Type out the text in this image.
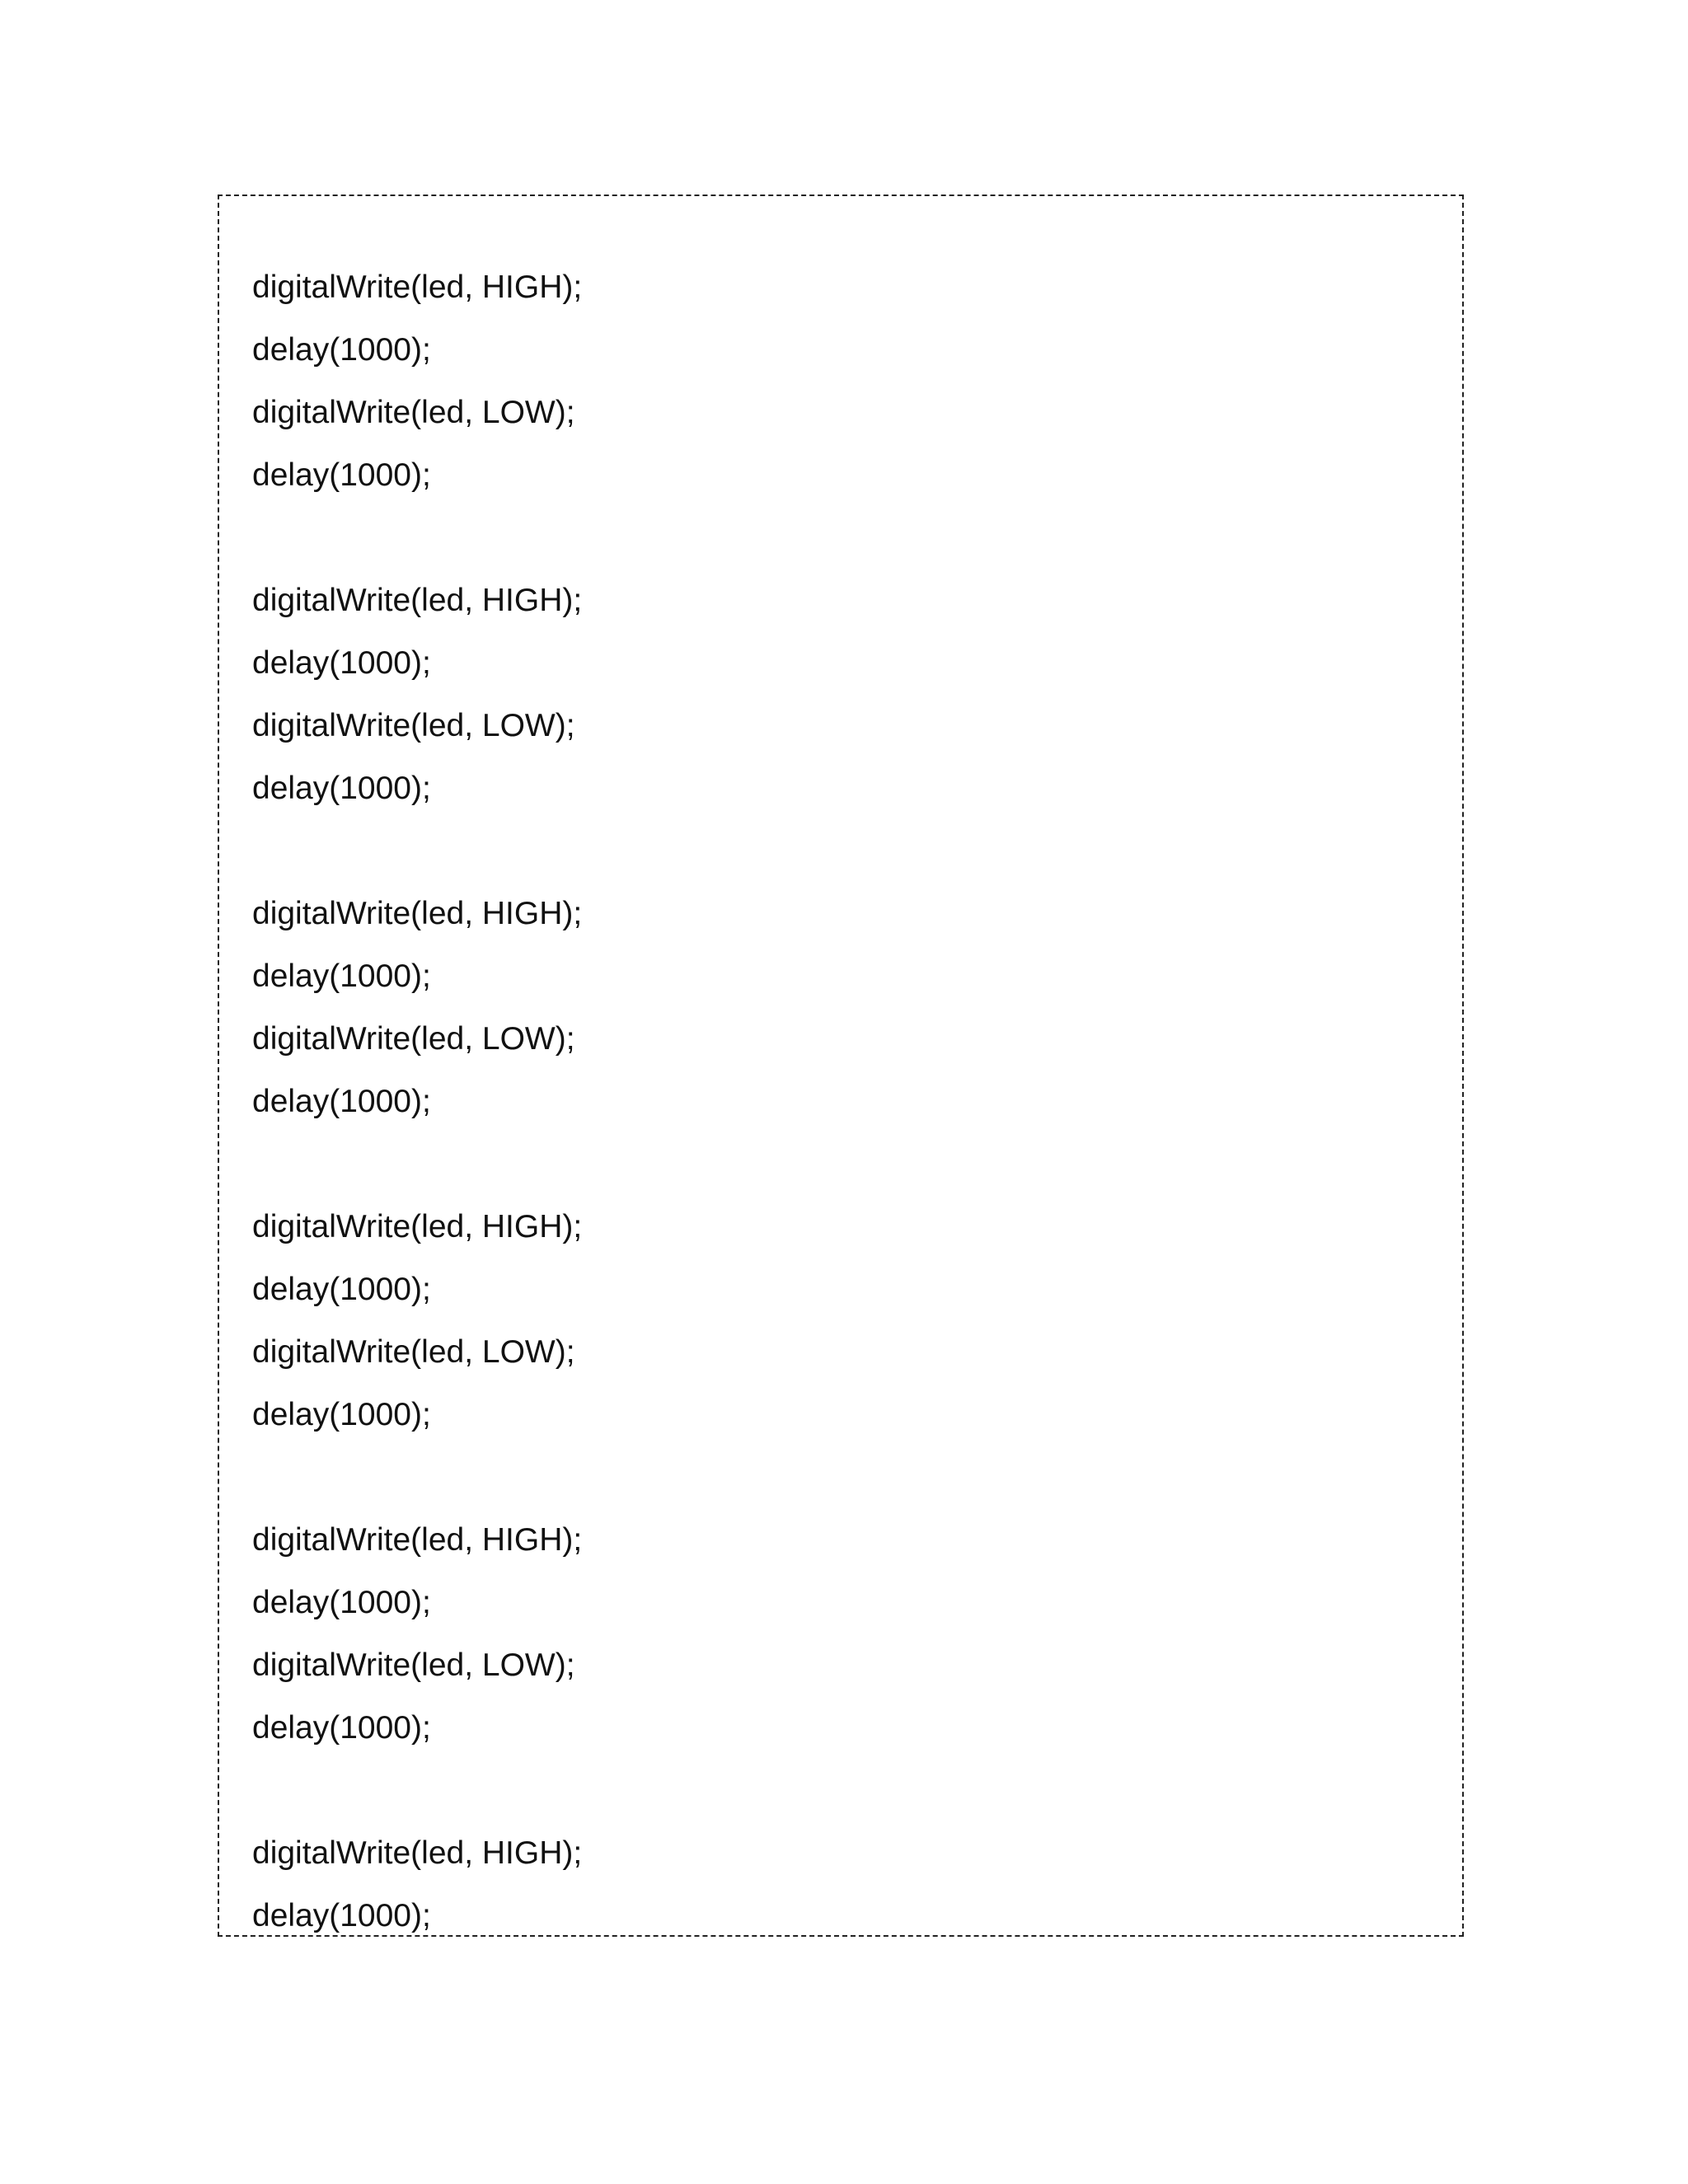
digitalWrite(led, HIGH);
delay(1000);
digitalWrite(led, LOW);
delay(1000);
digitalWrite(led, HIGH);
delay(1000);
digitalWrite(led, LOW);
delay(1000);
digitalWrite(led, HIGH);
delay(1000);
digitalWrite(led, LOW);
delay(1000);
digitalWrite(led, HIGH);
delay(1000);
digitalWrite(led, LOW);
delay(1000);
digitalWrite(led, HIGH);
delay(1000);
digitalWrite(led, LOW);
delay(1000);
digitalWrite(led, HIGH);
delay(1000);
